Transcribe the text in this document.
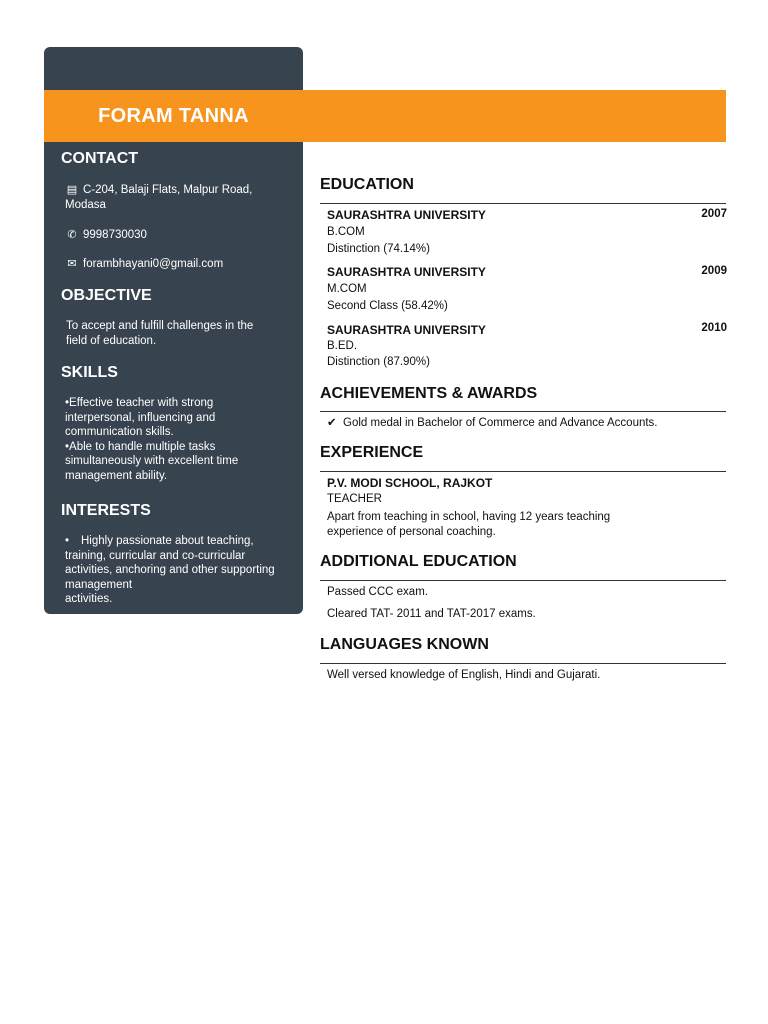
FORAM TANNA
CONTACT
▤ C-204, Balaji Flats, Malpur Road,
Modasa
✆ 9998730030
✉ forambhayani0@gmail.com
OBJECTIVE
To accept and fulfill challenges in the
field of education.
SKILLS
•Effective teacher with strong
interpersonal, influencing and
communication skills.
•Able to handle multiple tasks
simultaneously with excellent time
management ability.
INTERESTS
• Highly passionate about teaching,
training, curricular and co-curricular
activities, anchoring and other supporting
management
activities.
EDUCATION
SAURASHTRA UNIVERSITY	2007
B.COM
Distinction (74.14%)
SAURASHTRA UNIVERSITY	2009
M.COM
Second Class (58.42%)
SAURASHTRA UNIVERSITY	2010
B.ED.
Distinction (87.90%)
ACHIEVEMENTS & AWARDS
✔ Gold medal in Bachelor of Commerce and Advance Accounts.
EXPERIENCE
P.V. MODI SCHOOL, RAJKOT
TEACHER
Apart from teaching in school, having 12 years teaching
experience of personal coaching.
ADDITIONAL EDUCATION
Passed CCC exam.
Cleared TAT- 2011 and TAT-2017 exams.
LANGUAGES KNOWN
Well versed knowledge of English, Hindi and Gujarati.
